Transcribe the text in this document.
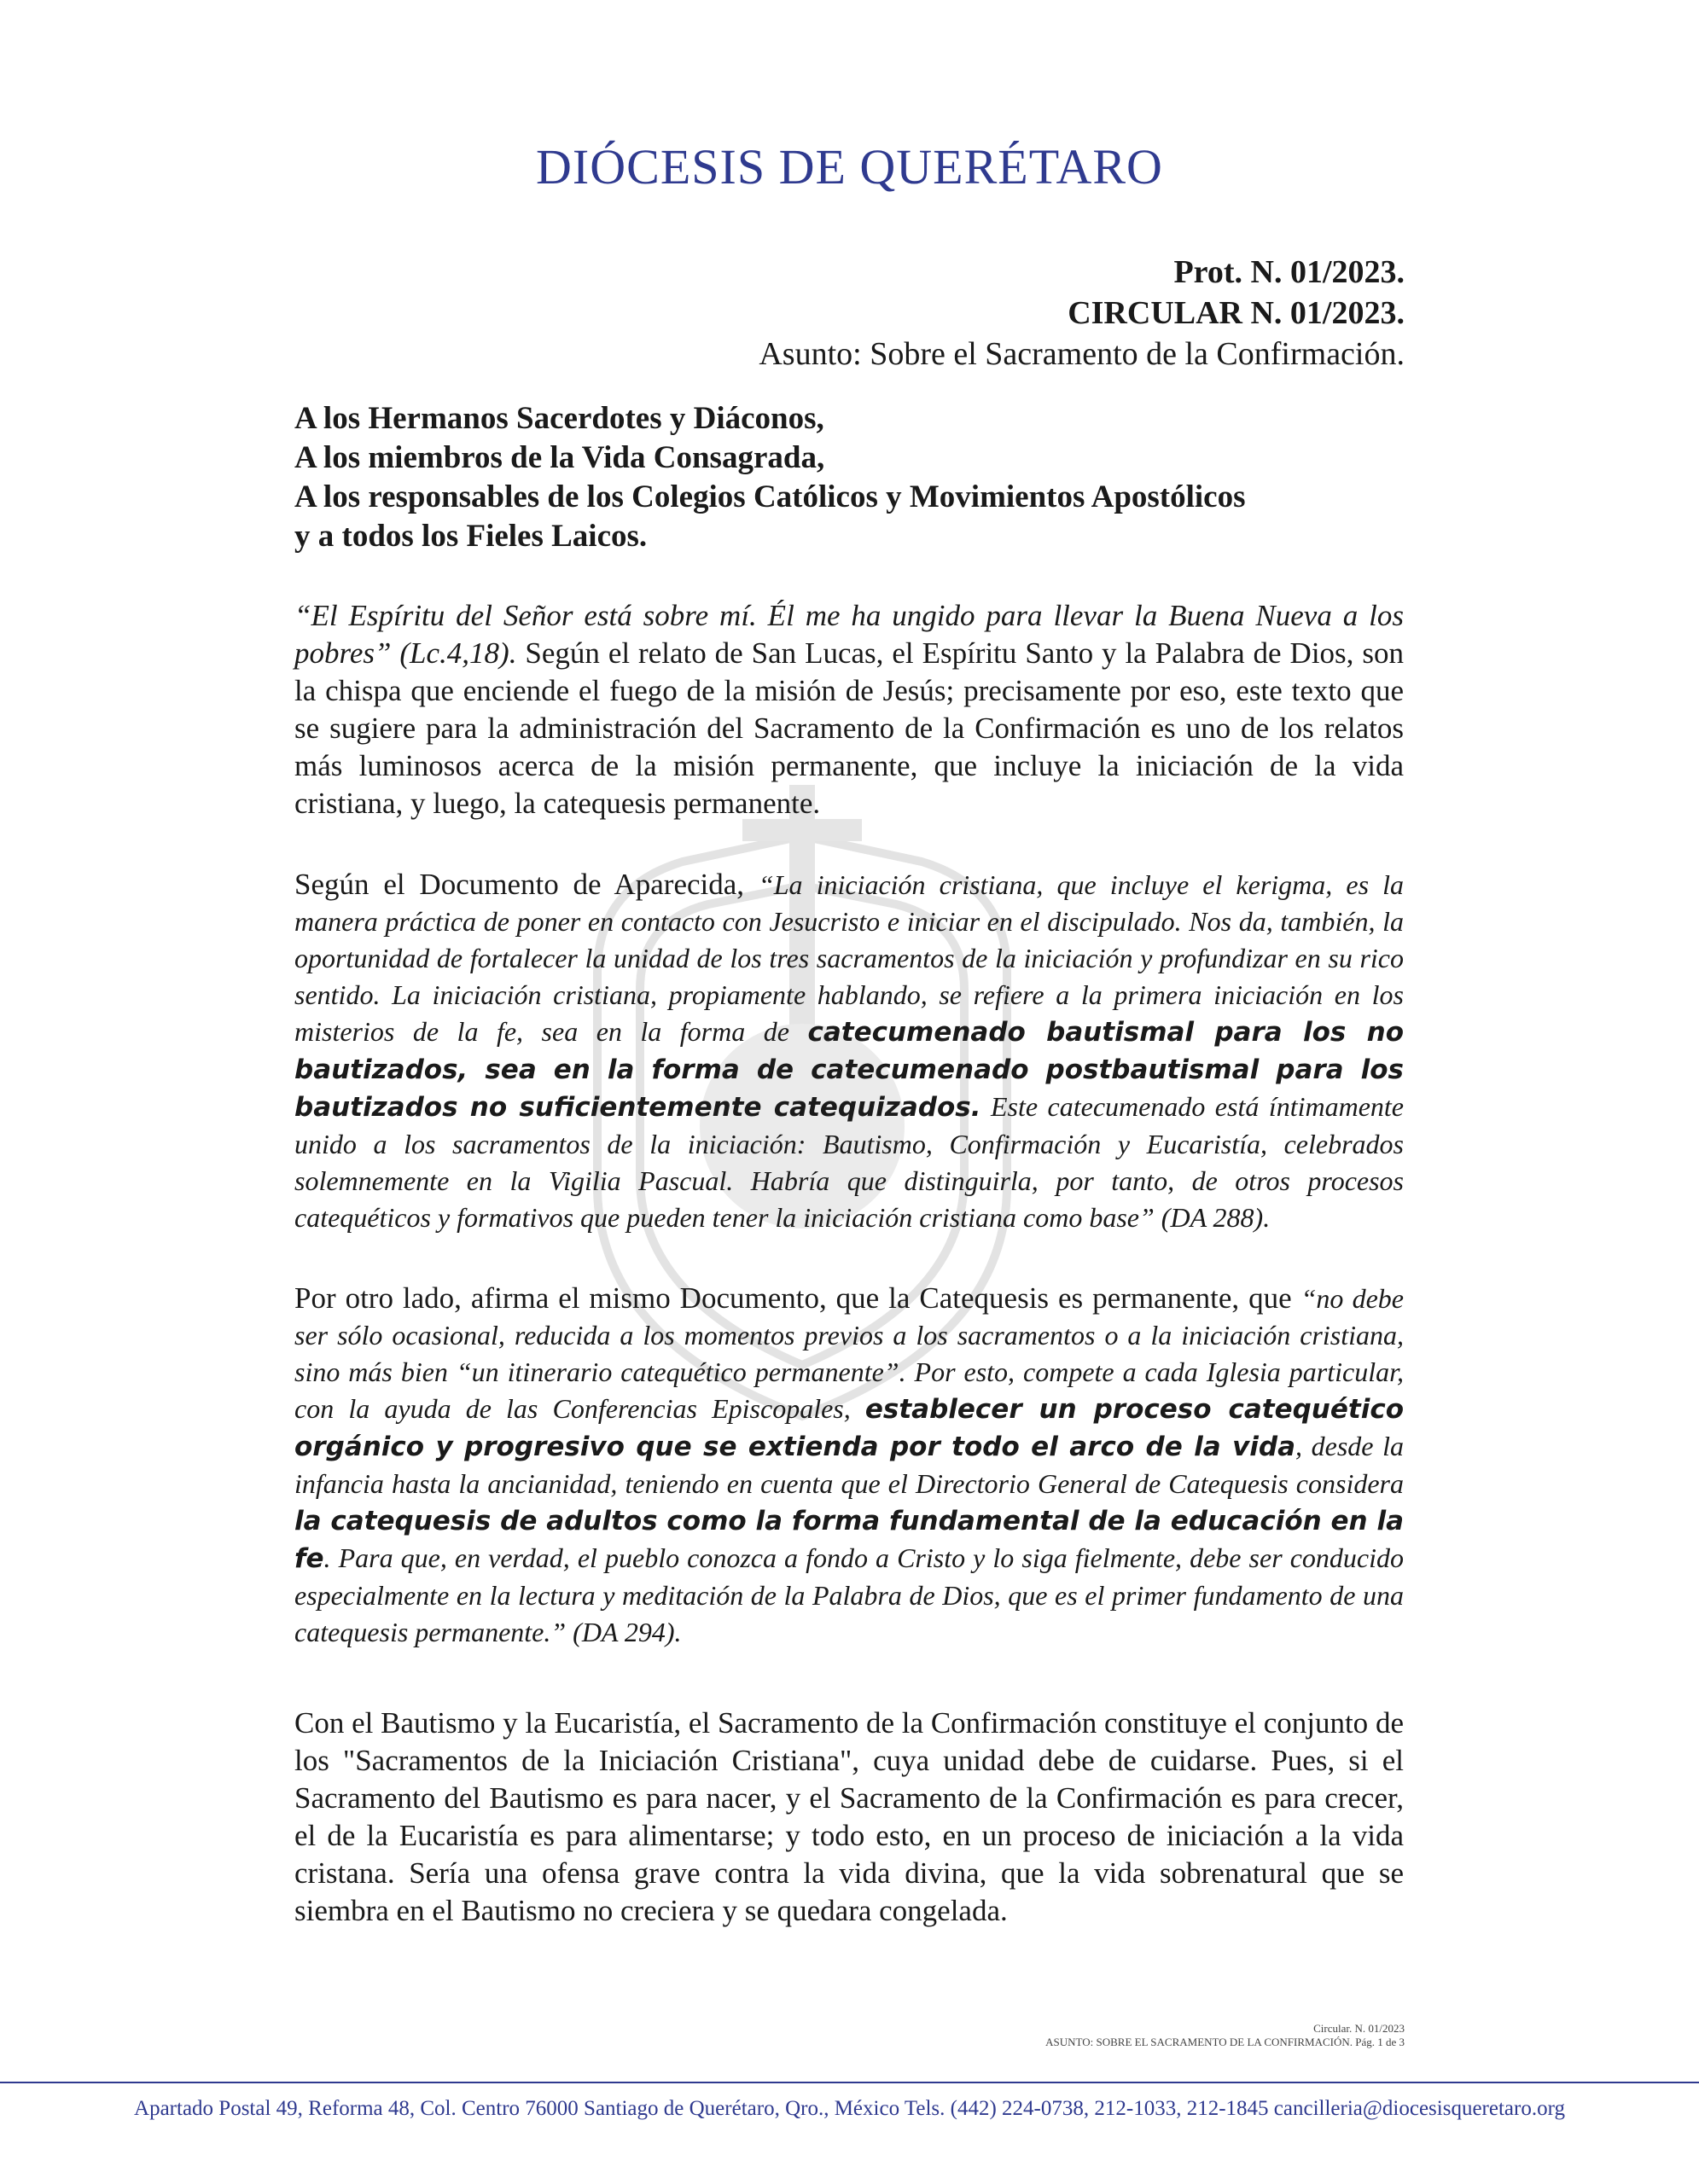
DIÓCESIS DE QUERÉTARO
Prot. N. 01/2023.
CIRCULAR N. 01/2023.
Asunto: Sobre el Sacramento de la Confirmación.
A los Hermanos Sacerdotes y Diáconos,
A los miembros de la Vida Consagrada,
A los responsables de los Colegios Católicos y Movimientos Apostólicos
y a todos los Fieles Laicos.
“El Espíritu del Señor está sobre mí. Él me ha ungido para llevar la Buena Nueva a los pobres” (Lc.4,18). Según el relato de San Lucas, el Espíritu Santo y la Palabra de Dios, son la chispa que enciende el fuego de la misión de Jesús; precisamente por eso, este texto que se sugiere para la administración del Sacramento de la Confirmación es uno de los relatos más luminosos acerca de la misión permanente, que incluye la iniciación de la vida cristiana, y luego, la catequesis permanente.
Según el Documento de Aparecida, “La iniciación cristiana, que incluye el kerigma, es la manera práctica de poner en contacto con Jesucristo e iniciar en el discipulado. Nos da, también, la oportunidad de fortalecer la unidad de los tres sacramentos de la iniciación y profundizar en su rico sentido. La iniciación cristiana, propiamente hablando, se refiere a la primera iniciación en los misterios de la fe, sea en la forma de catecumenado bautismal para los no bautizados, sea en la forma de catecumenado postbautismal para los bautizados no suficientemente catequizados. Este catecumenado está íntimamente unido a los sacramentos de la iniciación: Bautismo, Confirmación y Eucaristía, celebrados solemnemente en la Vigilia Pascual. Habría que distinguirla, por tanto, de otros procesos catequéticos y formativos que pueden tener la iniciación cristiana como base” (DA 288).
Por otro lado, afirma el mismo Documento, que la Catequesis es permanente, que “no debe ser sólo ocasional, reducida a los momentos previos a los sacramentos o a la iniciación cristiana, sino más bien “un itinerario catequético permanente”. Por esto, compete a cada Iglesia particular, con la ayuda de las Conferencias Episcopales, establecer un proceso catequético orgánico y progresivo que se extienda por todo el arco de la vida, desde la infancia hasta la ancianidad, teniendo en cuenta que el Directorio General de Catequesis considera la catequesis de adultos como la forma fundamental de la educación en la fe. Para que, en verdad, el pueblo conozca a fondo a Cristo y lo siga fielmente, debe ser conducido especialmente en la lectura y meditación de la Palabra de Dios, que es el primer fundamento de una catequesis permanente.” (DA 294).
Con el Bautismo y la Eucaristía, el Sacramento de la Confirmación constituye el conjunto de los "Sacramentos de la Iniciación Cristiana", cuya unidad debe de cuidarse. Pues, si el Sacramento del Bautismo es para nacer, y el Sacramento de la Confirmación es para crecer, el de la Eucaristía es para alimentarse; y todo esto, en un proceso de iniciación a la vida cristana. Sería una ofensa grave contra la vida divina, que la vida sobrenatural que se siembra en el Bautismo no creciera y se quedara congelada.
Circular. N. 01/2023
ASUNTO: SOBRE EL SACRAMENTO DE LA CONFIRMACIÓN. Pág. 1 de 3
Apartado Postal 49, Reforma 48, Col. Centro 76000 Santiago de Querétaro, Qro., México Tels. (442) 224-0738, 212-1033, 212-1845 cancilleria@diocesisqueretaro.org
